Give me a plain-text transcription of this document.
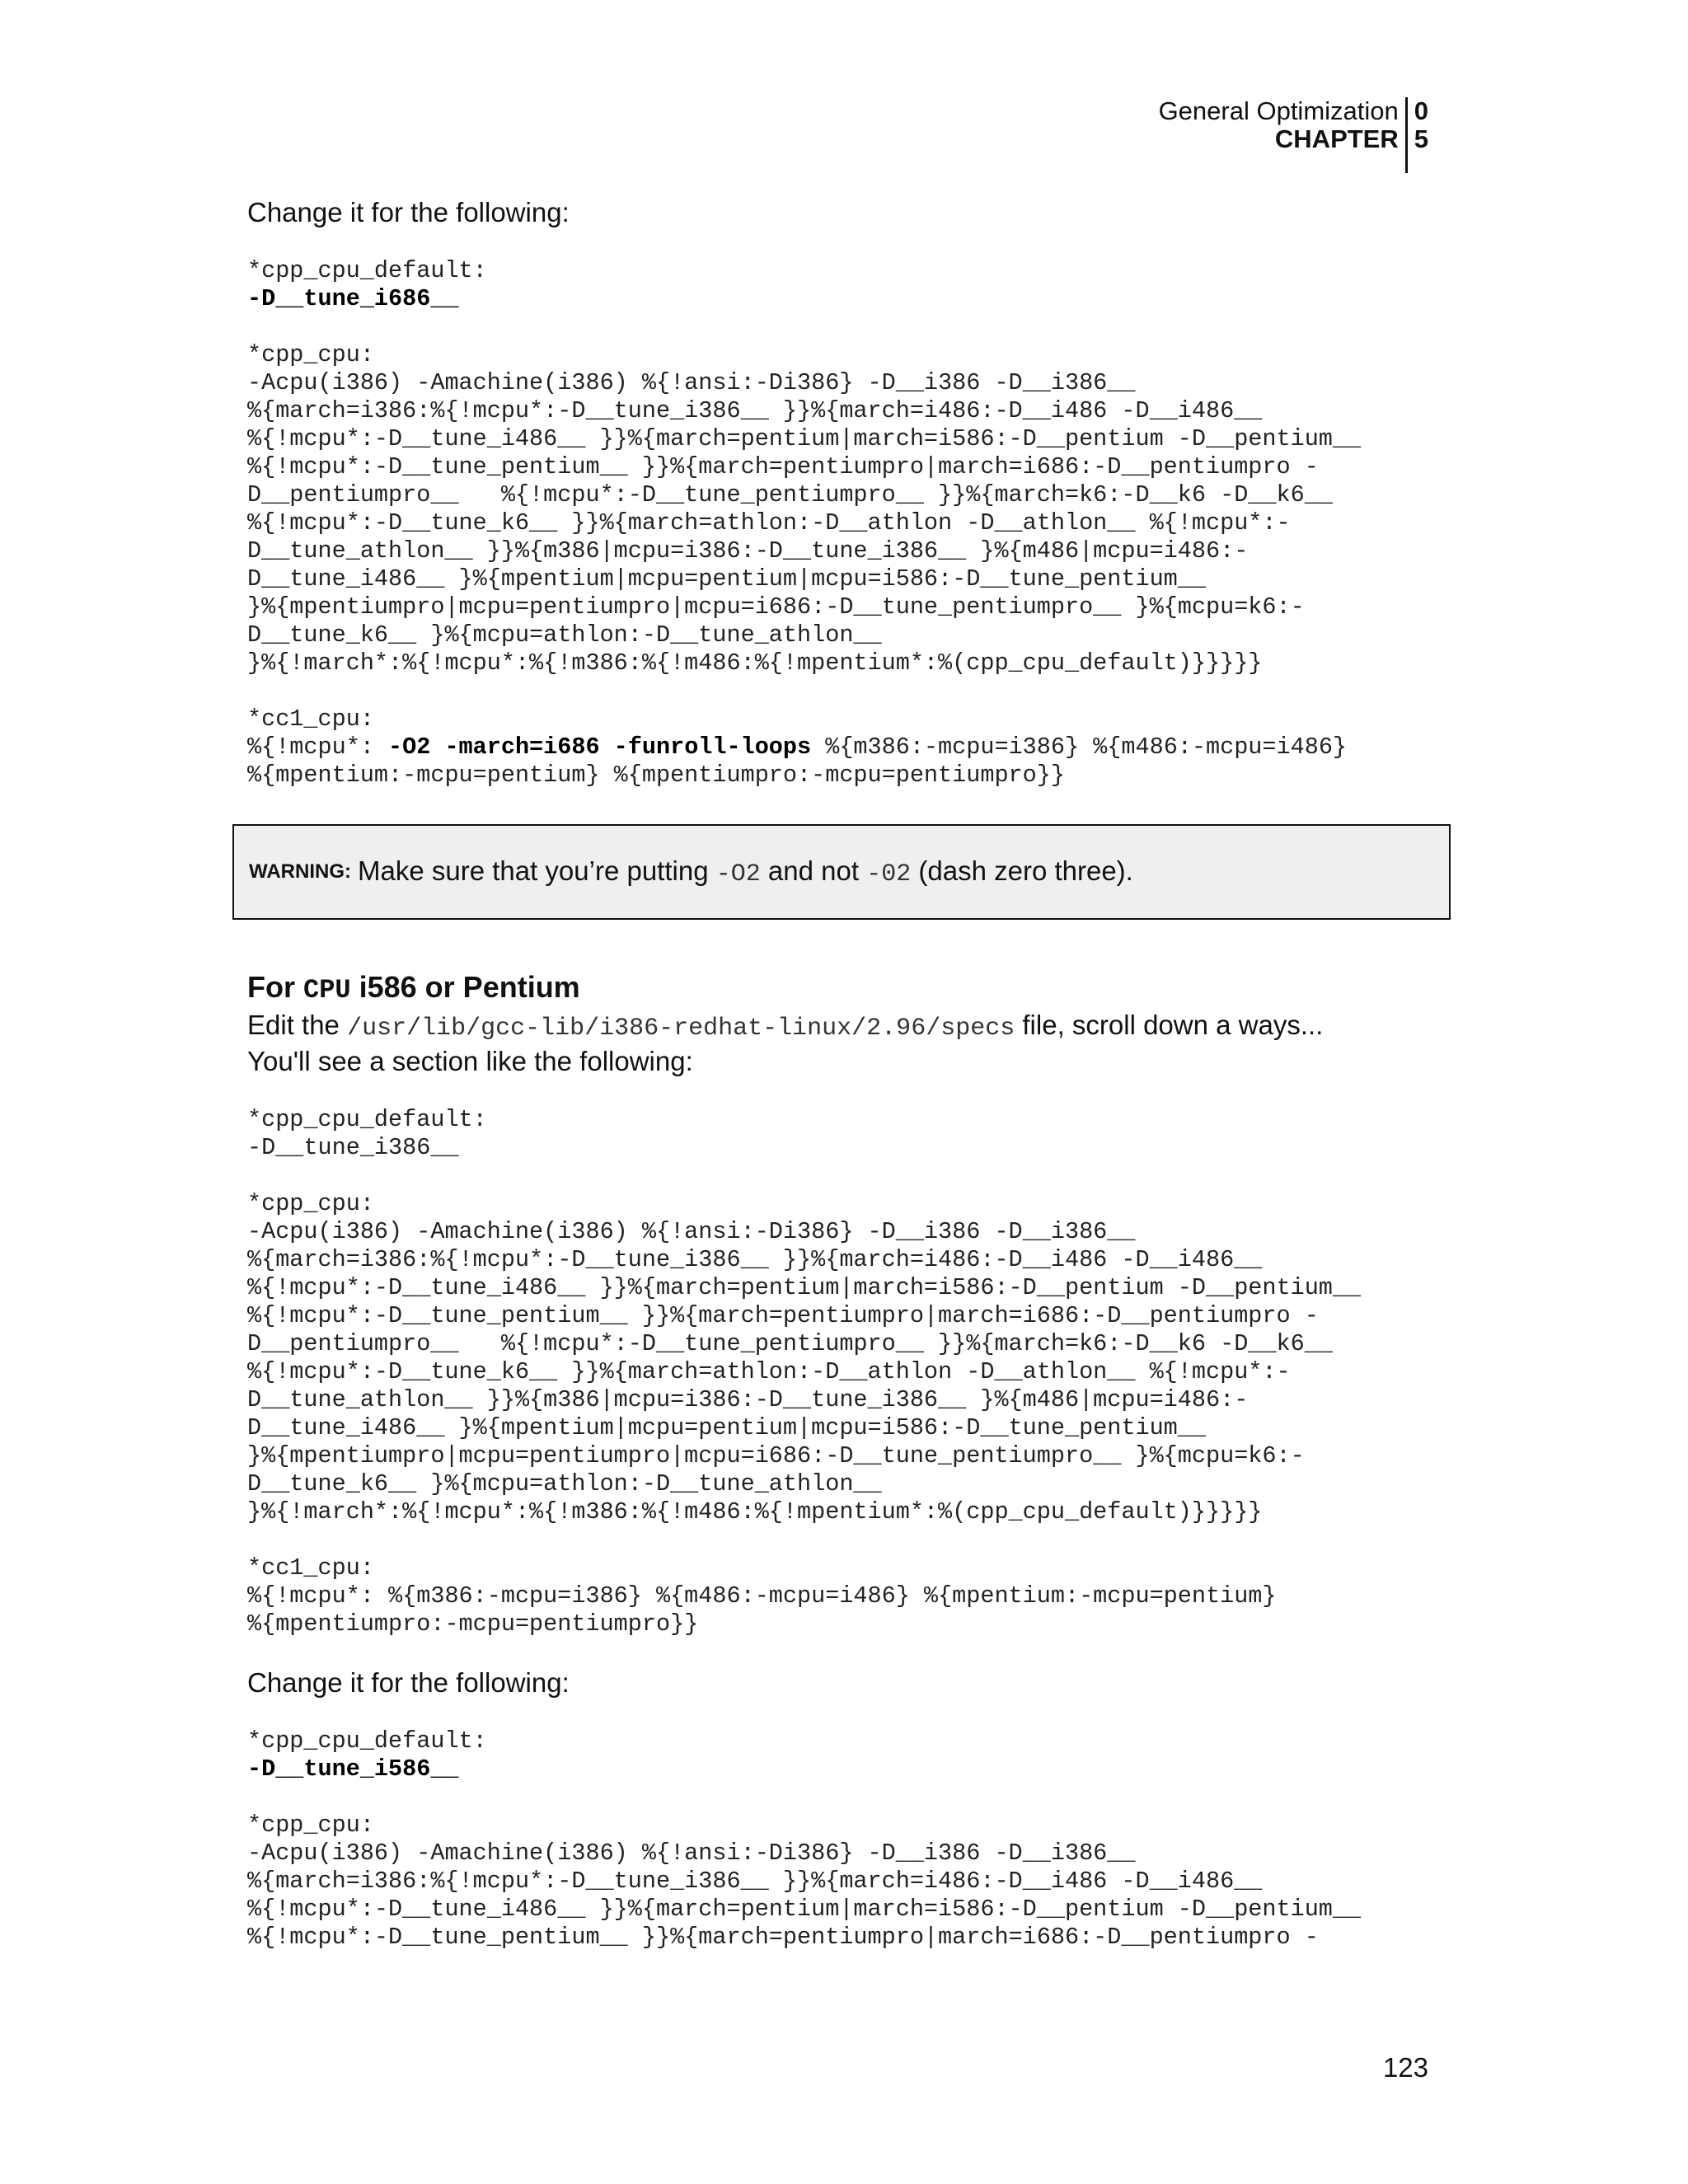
General Optimization
CHAPTER
0
5

Change it for the following:

*cpp_cpu_default:
-D__tune_i686__

*cpp_cpu:
-Acpu(i386) -Amachine(i386) %{!ansi:-Di386} -D__i386 -D__i386__
%{march=i386:%{!mcpu*:-D__tune_i386__ }}%{march=i486:-D__i486 -D__i486__
%{!mcpu*:-D__tune_i486__ }}%{march=pentium|march=i586:-D__pentium -D__pentium__
%{!mcpu*:-D__tune_pentium__ }}%{march=pentiumpro|march=i686:-D__pentiumpro -
D__pentiumpro__   %{!mcpu*:-D__tune_pentiumpro__ }}%{march=k6:-D__k6 -D__k6__
%{!mcpu*:-D__tune_k6__ }}%{march=athlon:-D__athlon -D__athlon__ %{!mcpu*:-
D__tune_athlon__ }}%{m386|mcpu=i386:-D__tune_i386__ }%{m486|mcpu=i486:-
D__tune_i486__ }%{mpentium|mcpu=pentium|mcpu=i586:-D__tune_pentium__
}%{mpentiumpro|mcpu=pentiumpro|mcpu=i686:-D__tune_pentiumpro__ }%{mcpu=k6:-
D__tune_k6__ }%{mcpu=athlon:-D__tune_athlon__
}%{!march*:%{!mcpu*:%{!m386:%{!m486:%{!mpentium*:%(cpp_cpu_default)}}}}}

*cc1_cpu:
%{!mcpu*: -O2 -march=i686 -funroll-loops %{m386:-mcpu=i386} %{m486:-mcpu=i486}
%{mpentium:-mcpu=pentium} %{mpentiumpro:-mcpu=pentiumpro}}
WARNING: Make sure that you’re putting -O2 and not -02 (dash zero three).
For CPU i586 or Pentium

Edit the /usr/lib/gcc-lib/i386-redhat-linux/2.96/specs file, scroll down a ways...

You'll see a section like the following:

*cpp_cpu_default:
-D__tune_i386__

*cpp_cpu:
-Acpu(i386) -Amachine(i386) %{!ansi:-Di386} -D__i386 -D__i386__
%{march=i386:%{!mcpu*:-D__tune_i386__ }}%{march=i486:-D__i486 -D__i486__
%{!mcpu*:-D__tune_i486__ }}%{march=pentium|march=i586:-D__pentium -D__pentium__
%{!mcpu*:-D__tune_pentium__ }}%{march=pentiumpro|march=i686:-D__pentiumpro -
D__pentiumpro__   %{!mcpu*:-D__tune_pentiumpro__ }}%{march=k6:-D__k6 -D__k6__
%{!mcpu*:-D__tune_k6__ }}%{march=athlon:-D__athlon -D__athlon__ %{!mcpu*:-
D__tune_athlon__ }}%{m386|mcpu=i386:-D__tune_i386__ }%{m486|mcpu=i486:-
D__tune_i486__ }%{mpentium|mcpu=pentium|mcpu=i586:-D__tune_pentium__
}%{mpentiumpro|mcpu=pentiumpro|mcpu=i686:-D__tune_pentiumpro__ }%{mcpu=k6:-
D__tune_k6__ }%{mcpu=athlon:-D__tune_athlon__
}%{!march*:%{!mcpu*:%{!m386:%{!m486:%{!mpentium*:%(cpp_cpu_default)}}}}}

*cc1_cpu:
%{!mcpu*: %{m386:-mcpu=i386} %{m486:-mcpu=i486} %{mpentium:-mcpu=pentium}
%{mpentiumpro:-mcpu=pentiumpro}}

Change it for the following:

*cpp_cpu_default:
-D__tune_i586__

*cpp_cpu:
-Acpu(i386) -Amachine(i386) %{!ansi:-Di386} -D__i386 -D__i386__
%{march=i386:%{!mcpu*:-D__tune_i386__ }}%{march=i486:-D__i486 -D__i486__
%{!mcpu*:-D__tune_i486__ }}%{march=pentium|march=i586:-D__pentium -D__pentium__
%{!mcpu*:-D__tune_pentium__ }}%{march=pentiumpro|march=i686:-D__pentiumpro -
123
